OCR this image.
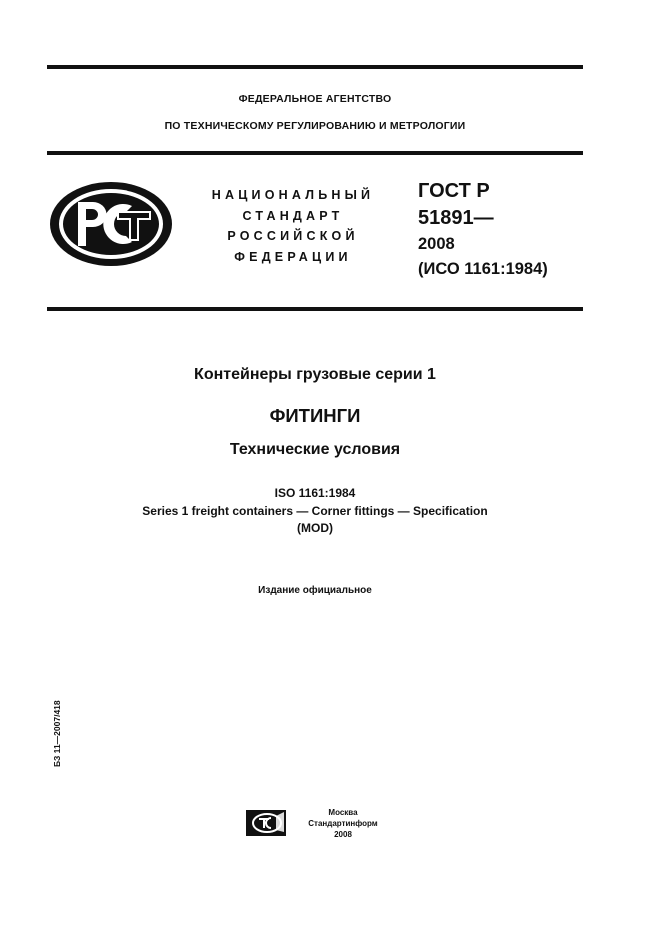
ФЕДЕРАЛЬНОЕ АГЕНТСТВО
ПО ТЕХНИЧЕСКОМУ РЕГУЛИРОВАНИЮ И МЕТРОЛОГИИ
НАЦИОНАЛЬНЫЙ
СТАНДАРТ
РОССИЙСКОЙ
ФЕДЕРАЦИИ
ГОСТ Р
51891—
2008
(ИСО 1161:1984)
Контейнеры грузовые серии 1
ФИТИНГИ
Технические условия
ISO 1161:1984
Series 1 freight containers — Corner fittings — Specification
(MOD)
Издание официальное
БЗ 11—2007/418
Москва
Стандартинформ
2008
